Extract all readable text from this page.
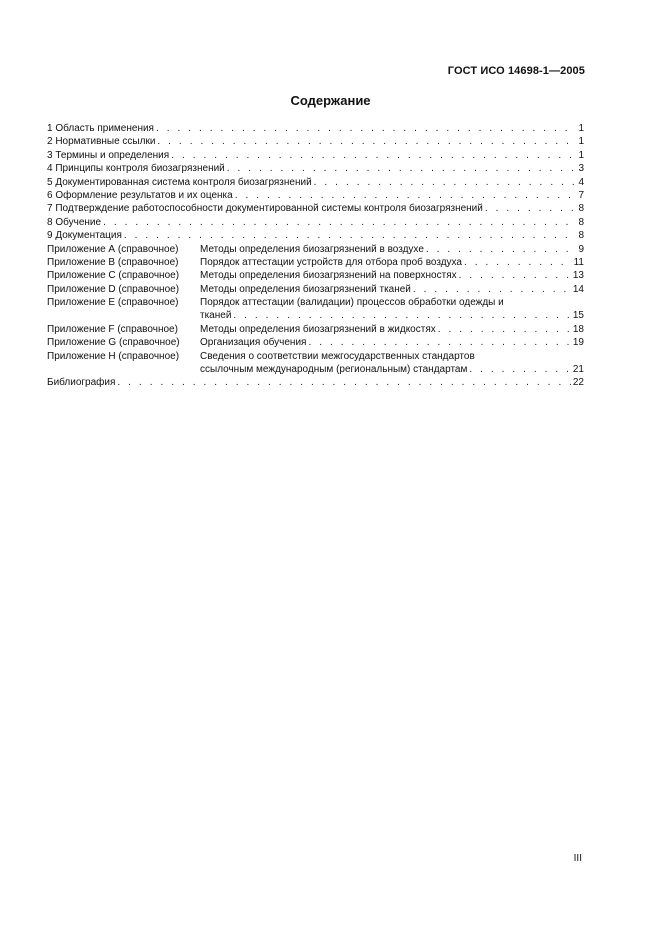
ГОСТ ИСО 14698-1—2005
Содержание
1 Область применения . . .	1
2 Нормативные ссылки . . .	1
3 Термины и определения . . .	1
4 Принципы контроля биозагрязнений . . .	3
5 Документированная система контроля биозагрязнений . . .	4
6 Оформление результатов и их оценка . . .	7
7 Подтверждение работоспособности документированной системы контроля биозагрязнений . . .	8
8 Обучение . . .	8
9 Документация . . .	8
Приложение А (справочное)	Методы определения биозагрязнений в воздухе . . .	9
Приложение В (справочное)	Порядок аттестации устройств для отбора проб воздуха . . .	11
Приложение С (справочное)	Методы определения биозагрязнений на поверхностях . . .	13
Приложение D (справочное)	Методы определения биозагрязнений тканей . . .	14
Приложение Е (справочное)	Порядок аттестации (валидации) процессов обработки одежды и
тканей . . .	15
Приложение F (справочное)	Методы определения биозагрязнений в жидкостях . . .	18
Приложение G (справочное)	Организация обучения . . .	19
Приложение Н (справочное)	Сведения о соответствии межгосударственных стандартов
ссылочным международным (региональным) стандартам . . .	21
Библиография . . .	22
III
